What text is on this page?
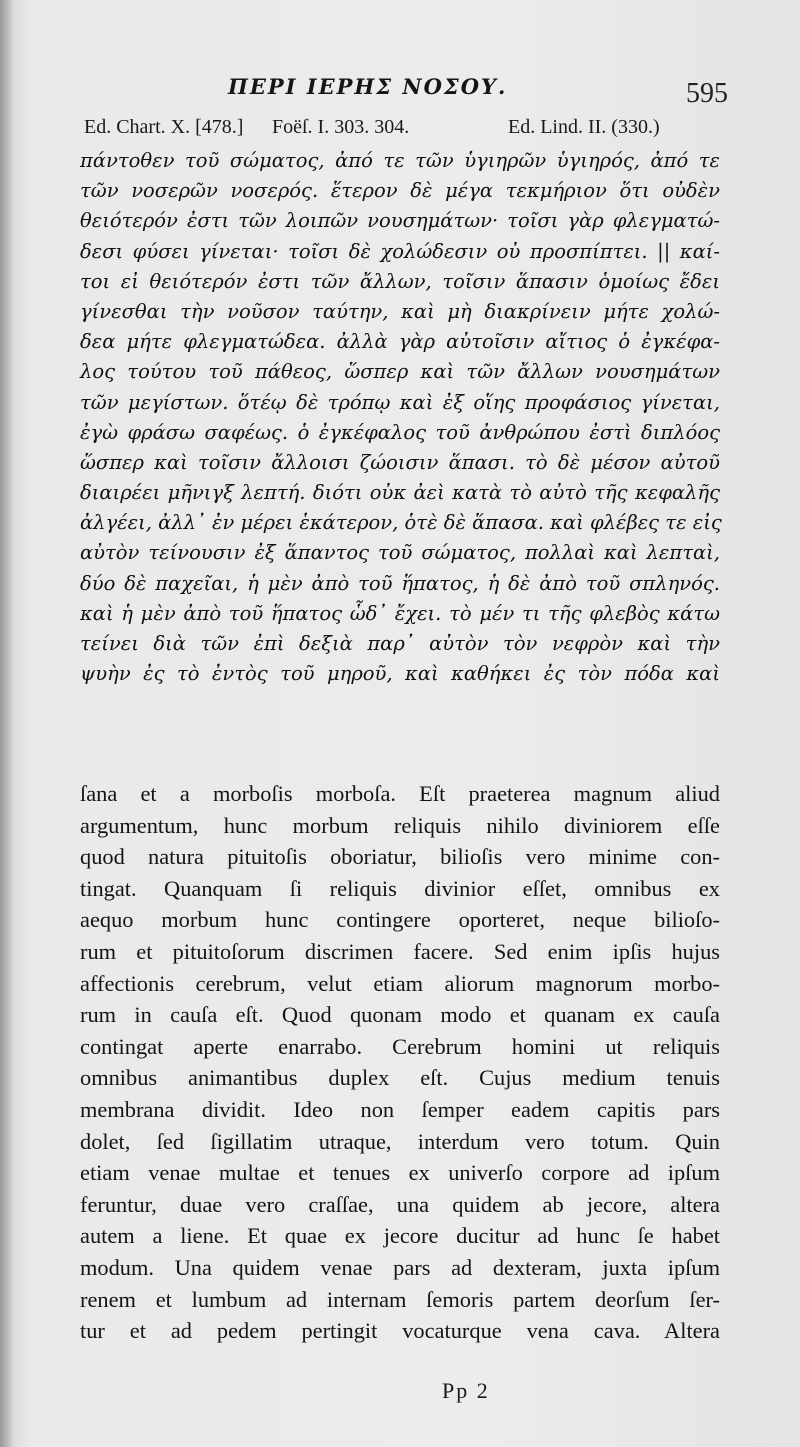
ΠΕΡΙ ΙΕΡΗΣ ΝΟΣΟΥ.	595
Ed. Chart. X. [478.] Foëſ. I. 303. 304.	Ed. Lind. II. (330.)
πάντοθεν τοῦ σώματος, ἀπό τε τῶν ὑγιηρῶν ὑγιηρός, ἀπό τε
τῶν νοσερῶν νοσερός. ἕτερον δὲ μέγα τεκμήριον ὅτι οὐδὲν
θειότερόν ἐστι τῶν λοιπῶν νουσημάτων· τοῖσι γὰρ φλεγματώ-
δεσι φύσει γίνεται· τοῖσι δὲ χολώδεσιν οὐ προσπίπτει. || καί-
τοι εἰ θειότερόν ἐστι τῶν ἄλλων, τοῖσιν ἅπασιν ὁμοίως ἔδει
γίνεσθαι τὴν νοῦσον ταύτην, καὶ μὴ διακρίνειν μήτε χολώ-
δεα μήτε φλεγματώδεα. ἀλλὰ γὰρ αὐτοῖσιν αἴτιος ὁ ἐγκέφα-
λος τούτου τοῦ πάθεος, ὥσπερ καὶ τῶν ἄλλων νουσημάτων
τῶν μεγίστων. ὅτέῳ δὲ τρόπῳ καὶ ἐξ οἵης προφάσιος γίνεται,
ἐγὼ φράσω σαφέως. ὁ ἐγκέφαλος τοῦ ἀνθρώπου ἐστὶ διπλόος
ὥσπερ καὶ τοῖσιν ἄλλοισι ζώοισιν ἅπασι. τὸ δὲ μέσον αὐτοῦ
διαιρέει μῆνιγξ λεπτή. διότι οὐκ ἀεὶ κατὰ τὸ αὐτὸ τῆς κεφαλῆς
ἀλγέει, ἀλλ᾽ ἐν μέρει ἑκάτερον, ὁτὲ δὲ ἅπασα. καὶ φλέβες τε εἰς
αὐτὸν τείνουσιν ἐξ ἅπαντος τοῦ σώματος, πολλαὶ καὶ λεπταὶ,
δύο δὲ παχεῖαι, ἡ μὲν ἀπὸ τοῦ ἥπατος, ἡ δὲ ἀπὸ τοῦ σπληνός.
καὶ ἡ μὲν ἀπὸ τοῦ ἥπατος ὧδ᾽ ἔχει. τὸ μέν τι τῆς φλεβὸς κάτω
τείνει διὰ τῶν ἐπὶ δεξιὰ παρ᾽ αὐτὸν τὸν νεφρὸν καὶ τὴν
ψυὴν ἐς τὸ ἐντὸς τοῦ μηροῦ, καὶ καθήκει ἐς τὸν πόδα καὶ
ſana et a morboſis morboſa. Eſt praeterea magnum aliud
argumentum, hunc morbum reliquis nihilo diviniorem eſſe
quod natura pituitoſis oboriatur, bilioſis vero minime con-
tingat. Quanquam ſi reliquis divinior eſſet, omnibus ex
aequo morbum hunc contingere oporteret, neque bilioſo-
rum et pituitoſorum discrimen facere. Sed enim ipſis hujus
affectionis cerebrum, velut etiam aliorum magnorum morbo-
rum in cauſa eſt. Quod quonam modo et quanam ex cauſa
contingat aperte enarrabo. Cerebrum homini ut reliquis
omnibus animantibus duplex eſt. Cujus medium tenuis
membrana dividit. Ideo non ſemper eadem capitis pars
dolet, ſed ſigillatim utraque, interdum vero totum. Quin
etiam venae multae et tenues ex univerſo corpore ad ipſum
feruntur, duae vero craſſae, una quidem ab jecore, altera
autem a liene. Et quae ex jecore ducitur ad hunc ſe habet
modum. Una quidem venae pars ad dexteram, juxta ipſum
renem et lumbum ad internam ſemoris partem deorſum ſer-
tur et ad pedem pertingit vocaturque vena cava. Altera
Pp 2
